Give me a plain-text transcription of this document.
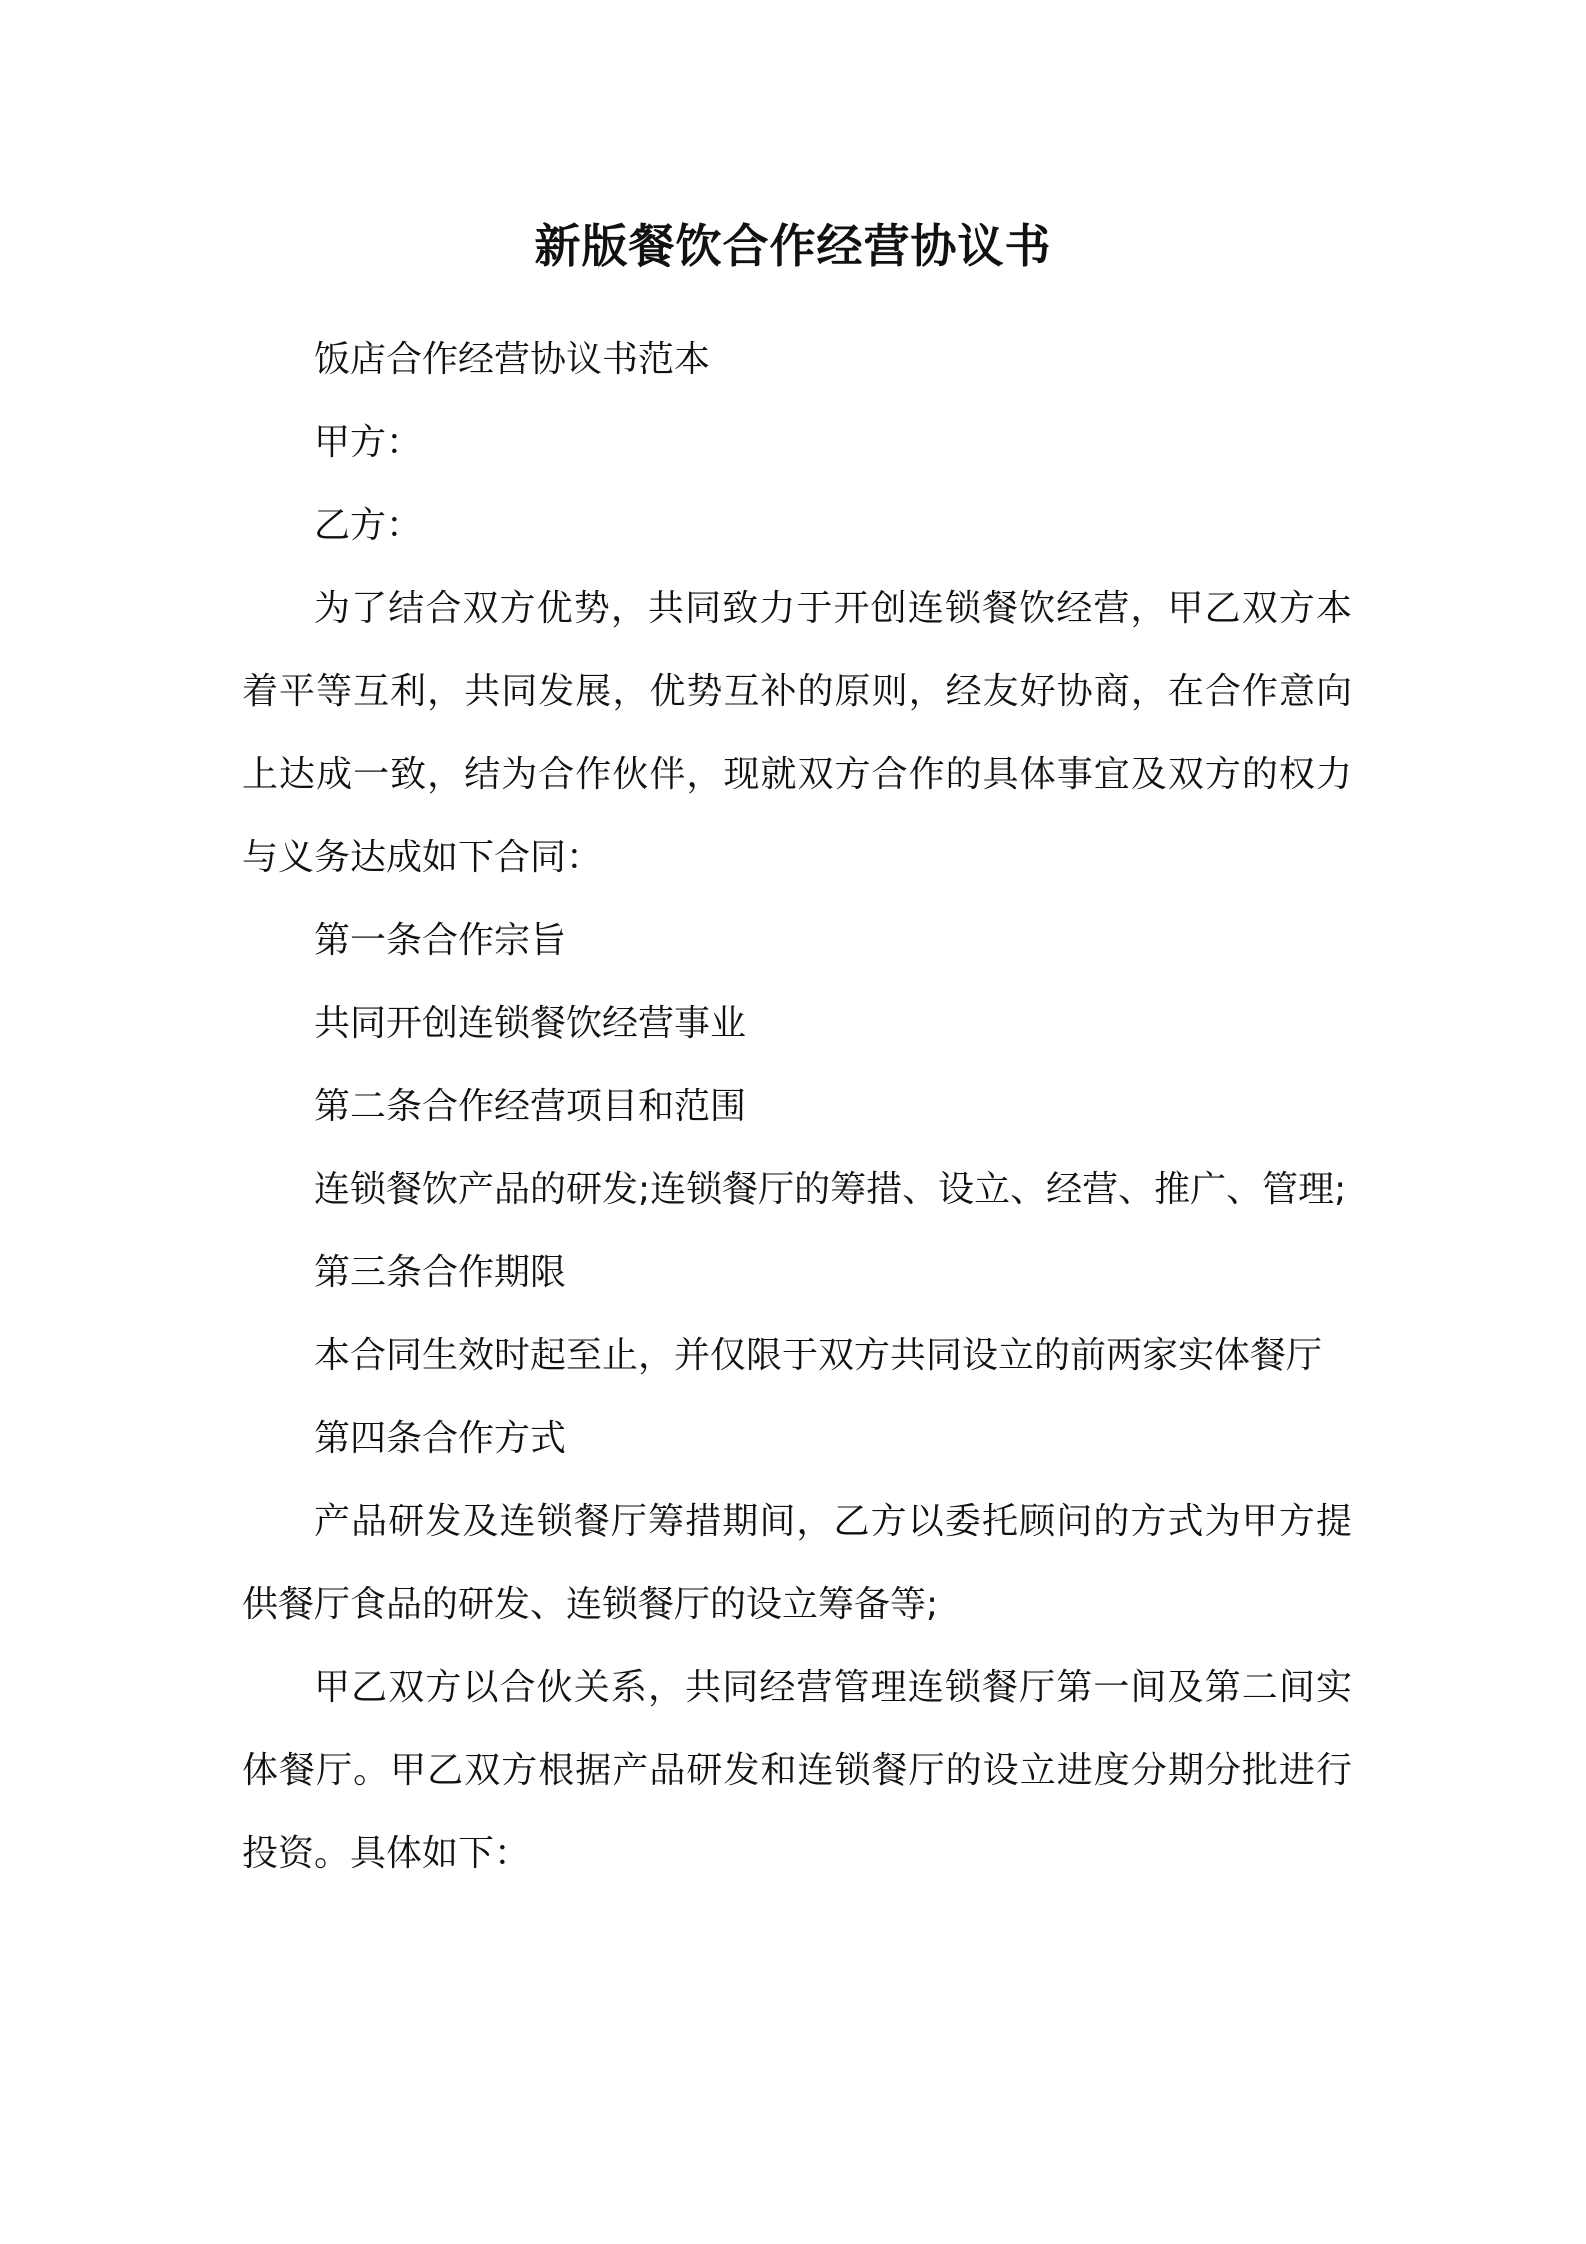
新版餐饮合作经营协议书

饭店合作经营协议书范本

甲方：

乙方：

为了结合双方优势，共同致力于开创连锁餐饮经营，甲乙双方本着平等互利，共同发展，优势互补的原则，经友好协商，在合作意向上达成一致，结为合作伙伴，现就双方合作的具体事宜及双方的权力与义务达成如下合同：

第一条合作宗旨

共同开创连锁餐饮经营事业

第二条合作经营项目和范围

连锁餐饮产品的研发;连锁餐厅的筹措、设立、经营、推广、管理;

第三条合作期限

本合同生效时起至止，并仅限于双方共同设立的前两家实体餐厅

第四条合作方式

产品研发及连锁餐厅筹措期间，乙方以委托顾问的方式为甲方提供餐厅食品的研发、连锁餐厅的设立筹备等;

甲乙双方以合伙关系，共同经营管理连锁餐厅第一间及第二间实体餐厅。甲乙双方根据产品研发和连锁餐厅的设立进度分期分批进行投资。具体如下：
